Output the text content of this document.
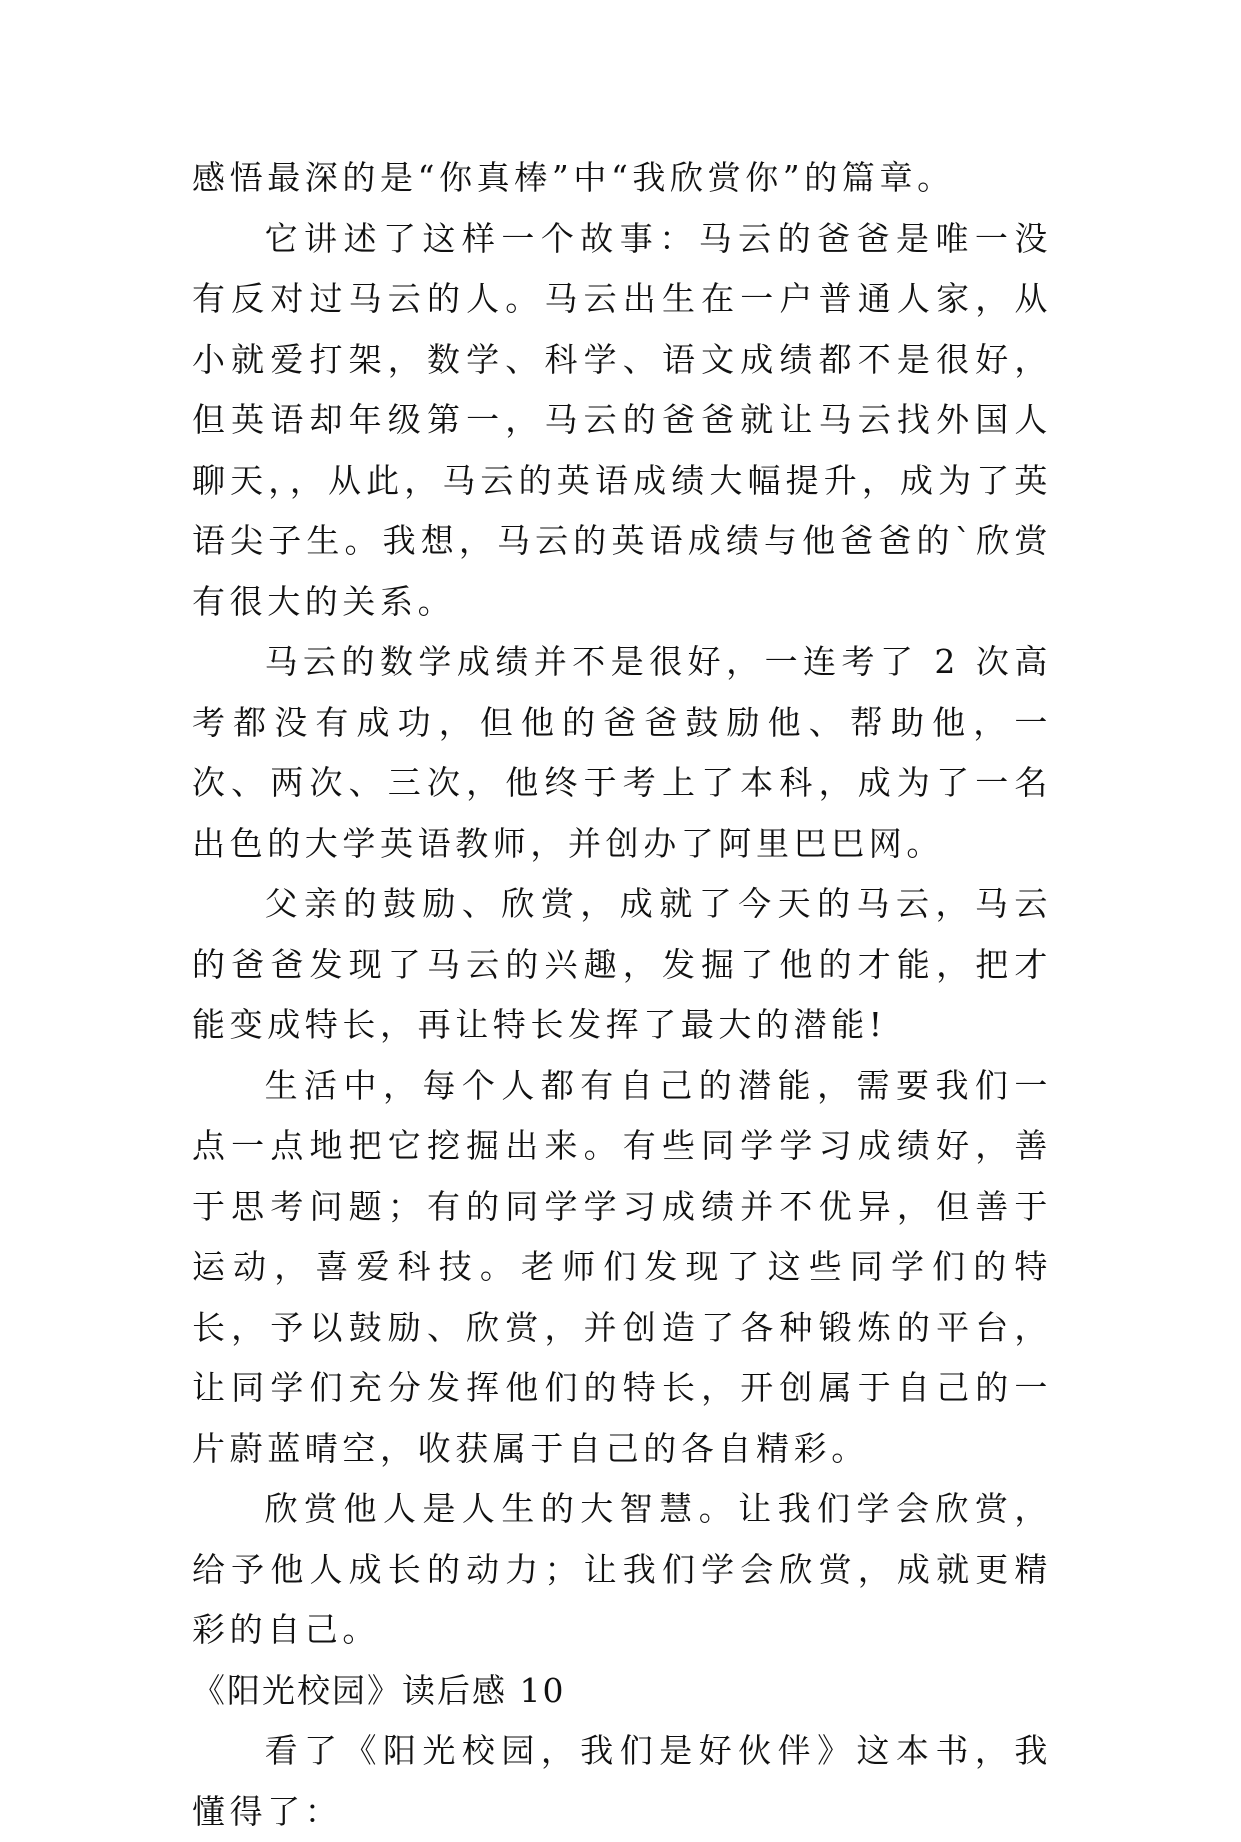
感悟最深的是“你真棒”中“我欣赏你”的篇章。

它讲述了这样一个故事：马云的爸爸是唯一没有反对过马云的人。马云出生在一户普通人家，从小就爱打架，数学、科学、语文成绩都不是很好，但英语却年级第一，马云的爸爸就让马云找外国人聊天，，从此，马云的英语成绩大幅提升，成为了英语尖子生。我想，马云的英语成绩与他爸爸的`欣赏有很大的关系。

马云的数学成绩并不是很好，一连考了 2 次高考都没有成功，但他的爸爸鼓励他、帮助他，一次、两次、三次，他终于考上了本科，成为了一名出色的大学英语教师，并创办了阿里巴巴网。

父亲的鼓励、欣赏，成就了今天的马云，马云的爸爸发现了马云的兴趣，发掘了他的才能，把才能变成特长，再让特长发挥了最大的潜能!

生活中，每个人都有自己的潜能，需要我们一点一点地把它挖掘出来。有些同学学习成绩好，善于思考问题；有的同学学习成绩并不优异，但善于运动，喜爱科技。老师们发现了这些同学们的特长，予以鼓励、欣赏，并创造了各种锻炼的平台，让同学们充分发挥他们的特长，开创属于自己的一片蔚蓝晴空，收获属于自己的各自精彩。

欣赏他人是人生的大智慧。让我们学会欣赏，给予他人成长的动力；让我们学会欣赏，成就更精彩的自己。

《阳光校园》读后感 10

看了《阳光校园，我们是好伙伴》这本书，我懂得了：
